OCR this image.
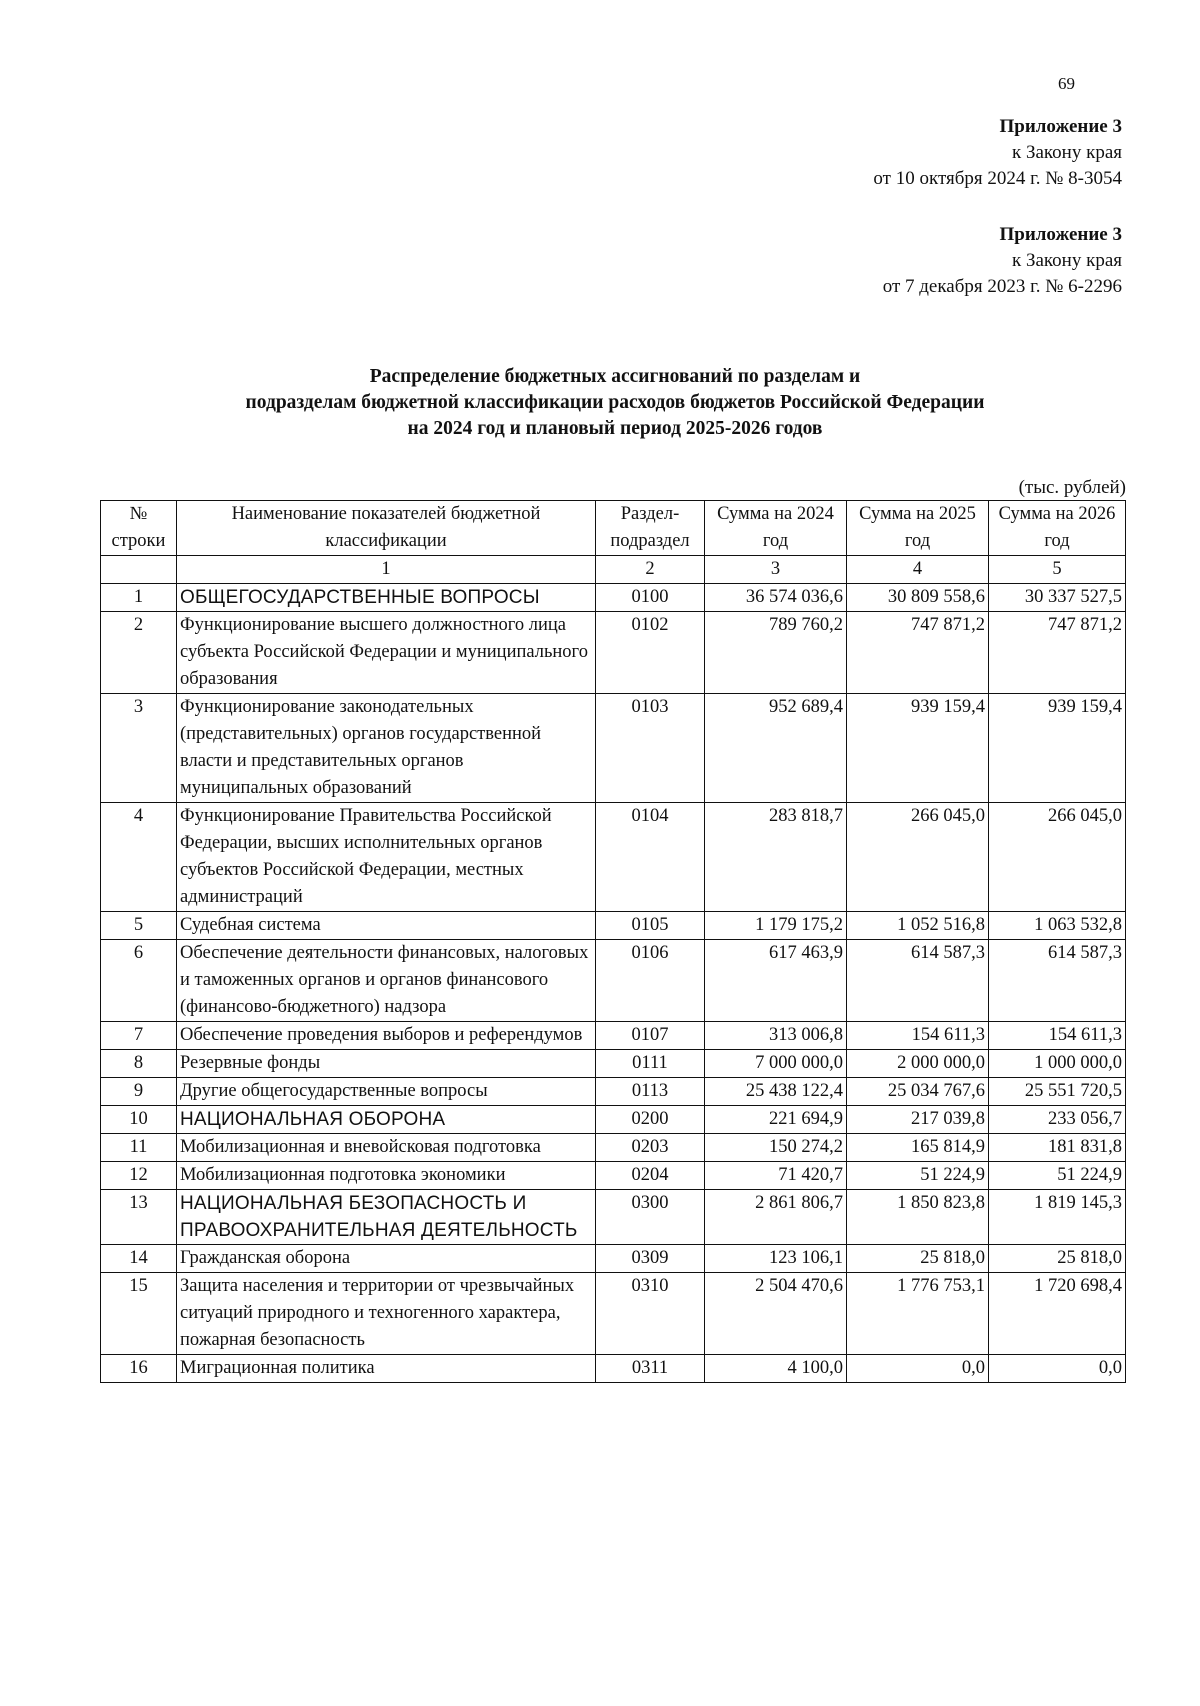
69
Приложение 3
к Закону края
от 10 октября 2024 г. № 8-3054
Приложение 3
к Закону края
от 7 декабря 2023 г. № 6-2296
Распределение бюджетных ассигнований по разделам и
подразделам бюджетной классификации расходов бюджетов Российской Федерации
на 2024 год и плановый период 2025-2026 годов
(тыс. рублей)
№ строки	Наименование показателей бюджетной классификации	Раздел-подраздел	Сумма на 2024 год	Сумма на 2025 год	Сумма на 2026 год
	1	2	3	4	5
1	ОБЩЕГОСУДАРСТВЕННЫЕ ВОПРОСЫ	0100	36 574 036,6	30 809 558,6	30 337 527,5
2	Функционирование высшего должностного лица субъекта Российской Федерации и муниципального образования	0102	789 760,2	747 871,2	747 871,2
3	Функционирование законодательных (представительных) органов государственной власти и представительных органов муниципальных образований	0103	952 689,4	939 159,4	939 159,4
4	Функционирование Правительства Российской Федерации, высших исполнительных органов субъектов Российской Федерации, местных администраций	0104	283 818,7	266 045,0	266 045,0
5	Судебная система	0105	1 179 175,2	1 052 516,8	1 063 532,8
6	Обеспечение деятельности финансовых, налоговых и таможенных органов и органов финансового (финансово-бюджетного) надзора	0106	617 463,9	614 587,3	614 587,3
7	Обеспечение проведения выборов и референдумов	0107	313 006,8	154 611,3	154 611,3
8	Резервные фонды	0111	7 000 000,0	2 000 000,0	1 000 000,0
9	Другие общегосударственные вопросы	0113	25 438 122,4	25 034 767,6	25 551 720,5
10	НАЦИОНАЛЬНАЯ ОБОРОНА	0200	221 694,9	217 039,8	233 056,7
11	Мобилизационная и вневойсковая подготовка	0203	150 274,2	165 814,9	181 831,8
12	Мобилизационная подготовка экономики	0204	71 420,7	51 224,9	51 224,9
13	НАЦИОНАЛЬНАЯ БЕЗОПАСНОСТЬ И ПРАВООХРАНИТЕЛЬНАЯ ДЕЯТЕЛЬНОСТЬ	0300	2 861 806,7	1 850 823,8	1 819 145,3
14	Гражданская оборона	0309	123 106,1	25 818,0	25 818,0
15	Защита населения и территории от чрезвычайных ситуаций природного и техногенного характера, пожарная безопасность	0310	2 504 470,6	1 776 753,1	1 720 698,4
16	Миграционная политика	0311	4 100,0	0,0	0,0
